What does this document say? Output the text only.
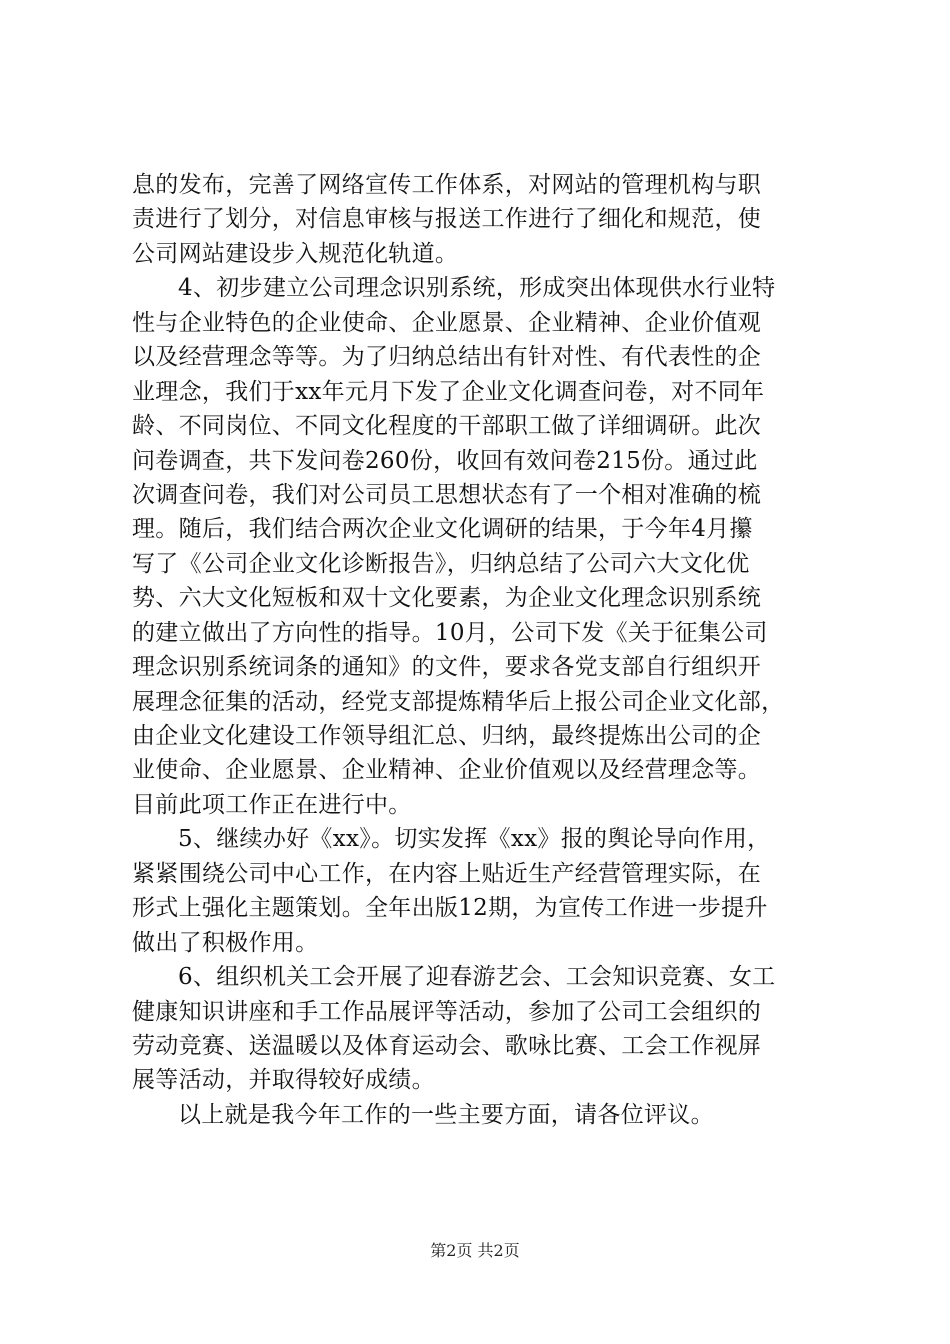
息的发布，完善了网络宣传工作体系，对网站的管理机构与职
责进行了划分，对信息审核与报送工作进行了细化和规范，使
公司网站建设步入规范化轨道。
4、初步建立公司理念识别系统，形成突出体现供水行业特
性与企业特色的企业使命、企业愿景、企业精神、企业价值观
以及经营理念等等。为了归纳总结出有针对性、有代表性的企
业理念，我们于xx年元月下发了企业文化调查问卷，对不同年
龄、不同岗位、不同文化程度的干部职工做了详细调研。此次
问卷调查，共下发问卷260份，收回有效问卷215份。通过此
次调查问卷，我们对公司员工思想状态有了一个相对准确的梳
理。随后，我们结合两次企业文化调研的结果，于今年4月攥
写了《公司企业文化诊断报告》，归纳总结了公司六大文化优
势、六大文化短板和双十文化要素，为企业文化理念识别系统
的建立做出了方向性的指导。10月，公司下发《关于征集公司
理念识别系统词条的通知》的文件，要求各党支部自行组织开
展理念征集的活动，经党支部提炼精华后上报公司企业文化部，
由企业文化建设工作领导组汇总、归纳，最终提炼出公司的企
业使命、企业愿景、企业精神、企业价值观以及经营理念等。
目前此项工作正在进行中。
5、继续办好《xx》。切实发挥《xx》报的舆论导向作用，
紧紧围绕公司中心工作，在内容上贴近生产经营管理实际，在
形式上强化主题策划。全年出版12期，为宣传工作进一步提升
做出了积极作用。
6、组织机关工会开展了迎春游艺会、工会知识竞赛、女工
健康知识讲座和手工作品展评等活动，参加了公司工会组织的
劳动竞赛、送温暖以及体育运动会、歌咏比赛、工会工作视屏
展等活动，并取得较好成绩。
以上就是我今年工作的一些主要方面，请各位评议。
第2页 共2页
